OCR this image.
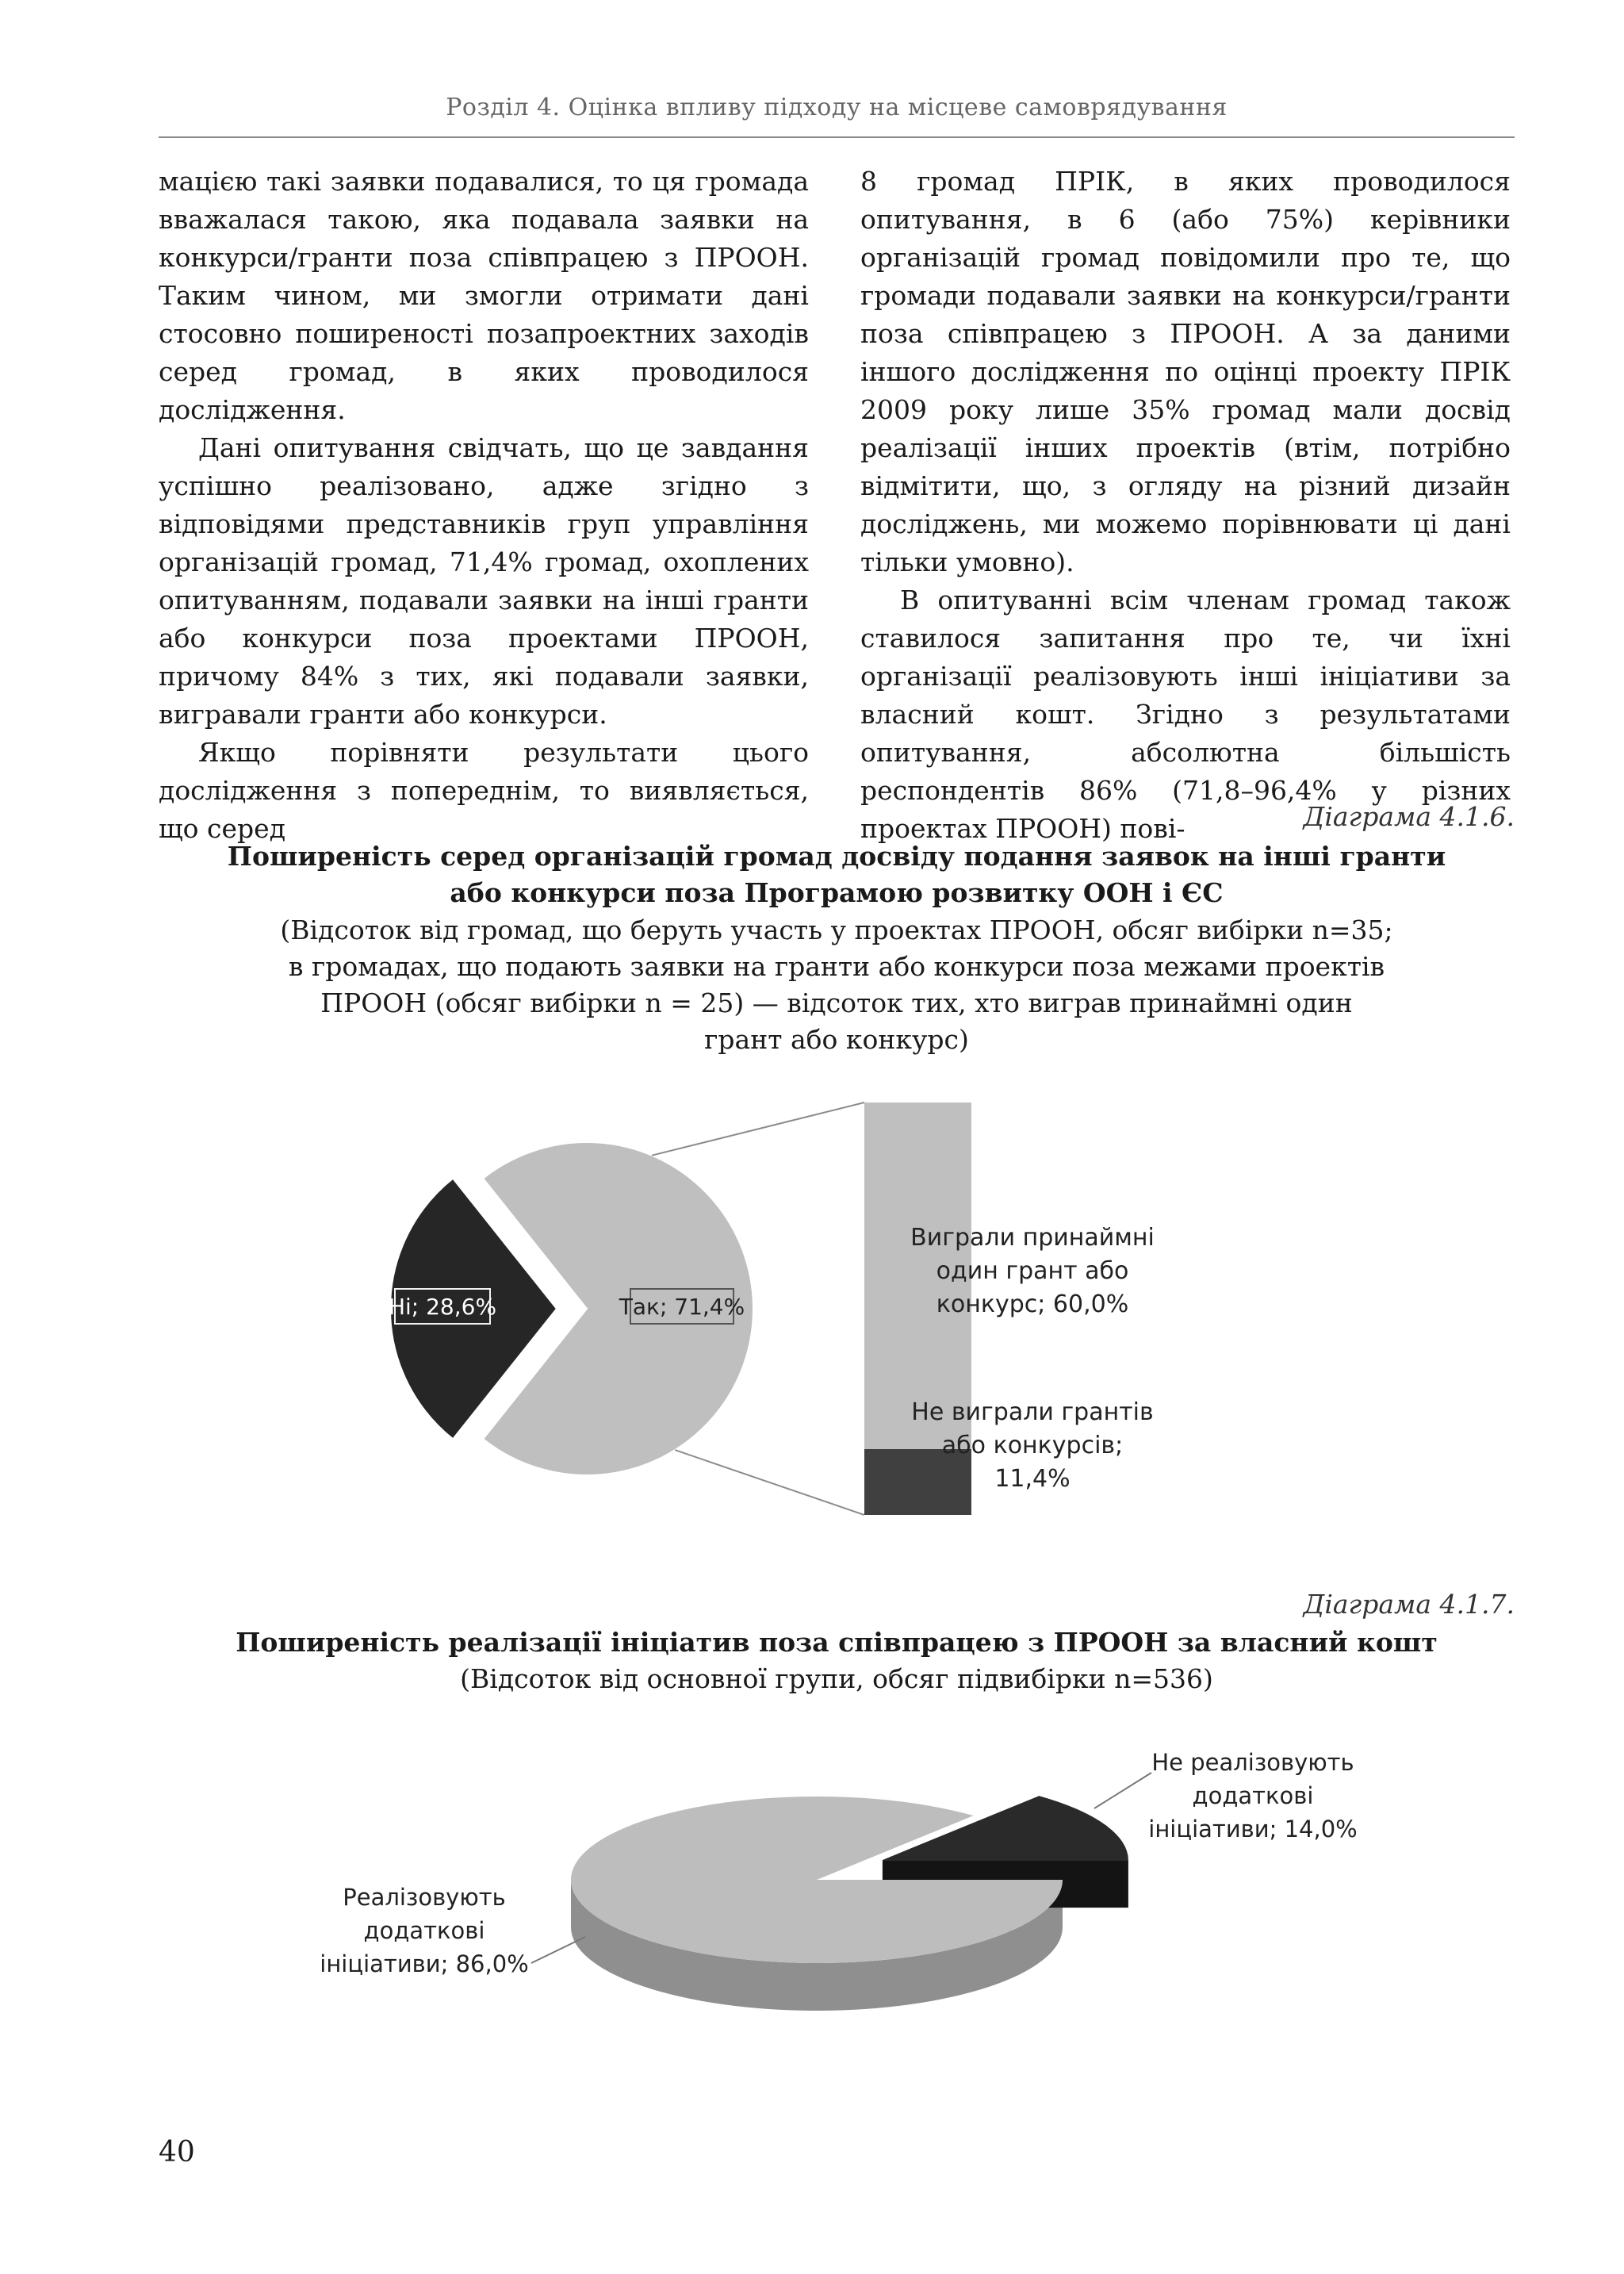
Розділ 4. Оцінка впливу підходу на місцеве самоврядування

мацією такі заявки подавалися, то ця громада вважалася такою, яка подавала заявки на конкурси/гранти поза співпрацею з ПРООН. Таким чином, ми змогли отримати дані стосовно поширеності позапроектних заходів серед громад, в яких проводилося дослідження.

Дані опитування свідчать, що це завдання успішно реалізовано, адже згідно з відповідями представників груп управління організацій громад, 71,4% громад, охоплених опитуванням, подавали заявки на інші гранти або конкурси поза проектами ПРООН, причому 84% з тих, які подавали заявки, вигравали гранти або конкурси.

Якщо порівняти результати цього дослідження з попереднім, то виявляється, що серед

8 громад ПРІК, в яких проводилося опитування, в 6 (або 75%) керівники організацій громад повідомили про те, що громади подавали заявки на конкурси/гранти поза співпрацею з ПРООН. А за даними іншого дослідження по оцінці проекту ПРІК 2009 року лише 35% громад мали досвід реалізації інших проектів (втім, потрібно відмітити, що, з огляду на різний дизайн досліджень, ми можемо порівнювати ці дані тільки умовно).

В опитуванні всім членам громад також ставилося запитання про те, чи їхні організації реалізовують інші ініціативи за власний кошт. Згідно з результатами опитування, абсолютна більшість респондентів 86% (71,8–96,4% у різних проектах ПРООН) пові-	Діаграма 4.1.6.
Поширеність серед організацій громад досвіду подання заявок на інші гранти або конкурси поза Програмою розвитку ООН і ЄС
(Відсоток від громад, що беруть участь у проектах ПРООН, обсяг вибірки n=35;
в громадах, що подають заявки на гранти або конкурси поза межами проектів
ПРООН (обсяг вибірки n = 25) — відсоток тих, хто виграв принаймні один
грант або конкурс)
Ні; 28,6%	Так; 71,4%
Виграли принаймні
один грант або
конкурс; 60,0%
Не виграли грантів
або конкурсів;
11,4%
Діаграма 4.1.7.
Поширеність реалізації ініціатив поза співпрацею з ПРООН за власний кошт
(Відсоток від основної групи, обсяг підвибірки n=536)
Реалізовують
додаткові
ініціативи; 86,0%
Не реалізовують
додаткові
ініціативи; 14,0%
40
